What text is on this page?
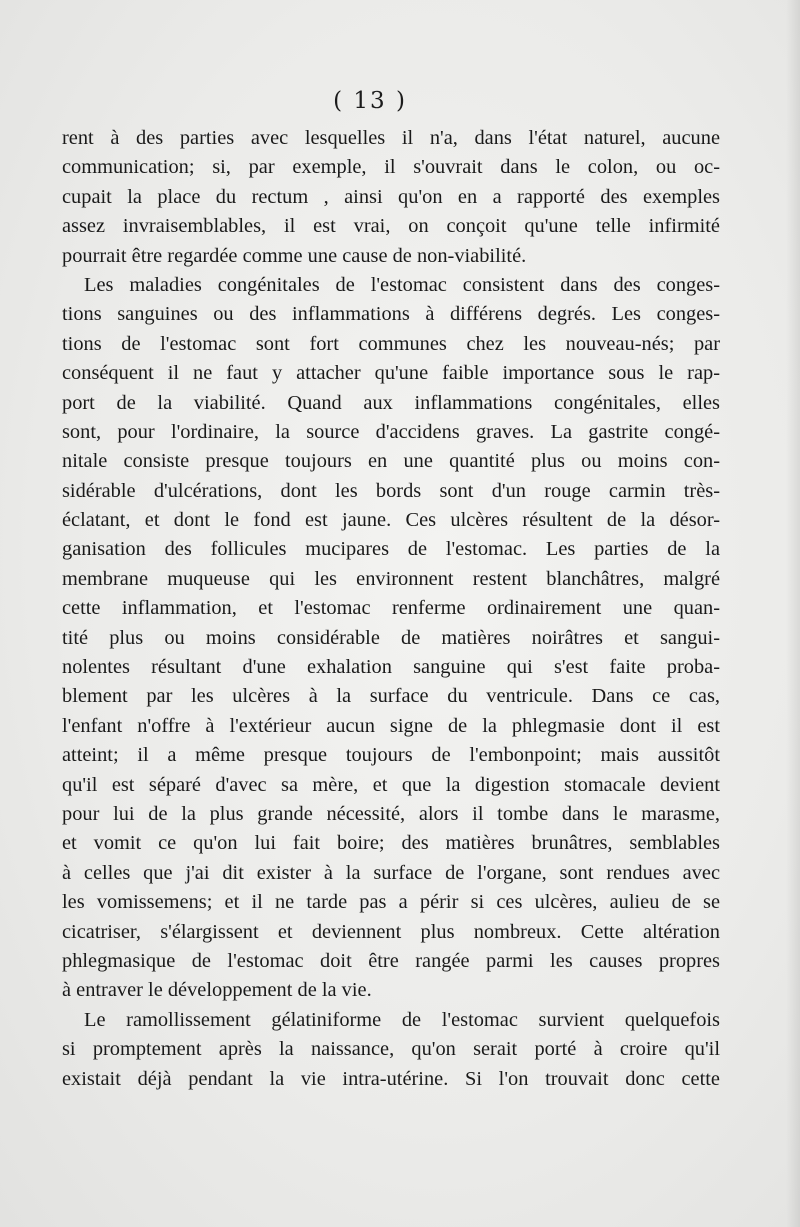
( 13 )

rent à des parties avec lesquelles il n'a, dans l'état naturel, aucune
communication; si, par exemple, il s'ouvrait dans le colon, ou oc-
cupait la place du rectum , ainsi qu'on en a rapporté des exemples
assez invraisemblables, il est vrai, on conçoit qu'une telle infirmité
pourrait être regardée comme une cause de non-viabilité.

Les maladies congénitales de l'estomac consistent dans des conges-
tions sanguines ou des inflammations à différens degrés. Les conges-
tions de l'estomac sont fort communes chez les nouveau-nés; par
conséquent il ne faut y attacher qu'une faible importance sous le rap-
port de la viabilité. Quand aux inflammations congénitales, elles
sont, pour l'ordinaire, la source d'accidens graves. La gastrite congé-
nitale consiste presque toujours en une quantité plus ou moins con-
sidérable d'ulcérations, dont les bords sont d'un rouge carmin très-
éclatant, et dont le fond est jaune. Ces ulcères résultent de la désor-
ganisation des follicules mucipares de l'estomac. Les parties de la
membrane muqueuse qui les environnent restent blanchâtres, malgré
cette inflammation, et l'estomac renferme ordinairement une quan-
tité plus ou moins considérable de matières noirâtres et sangui-
nolentes résultant d'une exhalation sanguine qui s'est faite proba-
blement par les ulcères à la surface du ventricule. Dans ce cas,
l'enfant n'offre à l'extérieur aucun signe de la phlegmasie dont il est
atteint; il a même presque toujours de l'embonpoint; mais aussitôt
qu'il est séparé d'avec sa mère, et que la digestion stomacale devient
pour lui de la plus grande nécessité, alors il tombe dans le marasme,
et vomit ce qu'on lui fait boire; des matières brunâtres, semblables
à celles que j'ai dit exister à la surface de l'organe, sont rendues avec
les vomissemens; et il ne tarde pas a périr si ces ulcères, aulieu de se
cicatriser, s'élargissent et deviennent plus nombreux. Cette altération
phlegmasique de l'estomac doit être rangée parmi les causes propres
à entraver le développement de la vie.

Le ramollissement gélatiniforme de l'estomac survient quelquefois
si promptement après la naissance, qu'on serait porté à croire qu'il
existait déjà pendant la vie intra-utérine. Si l'on trouvait donc cette
